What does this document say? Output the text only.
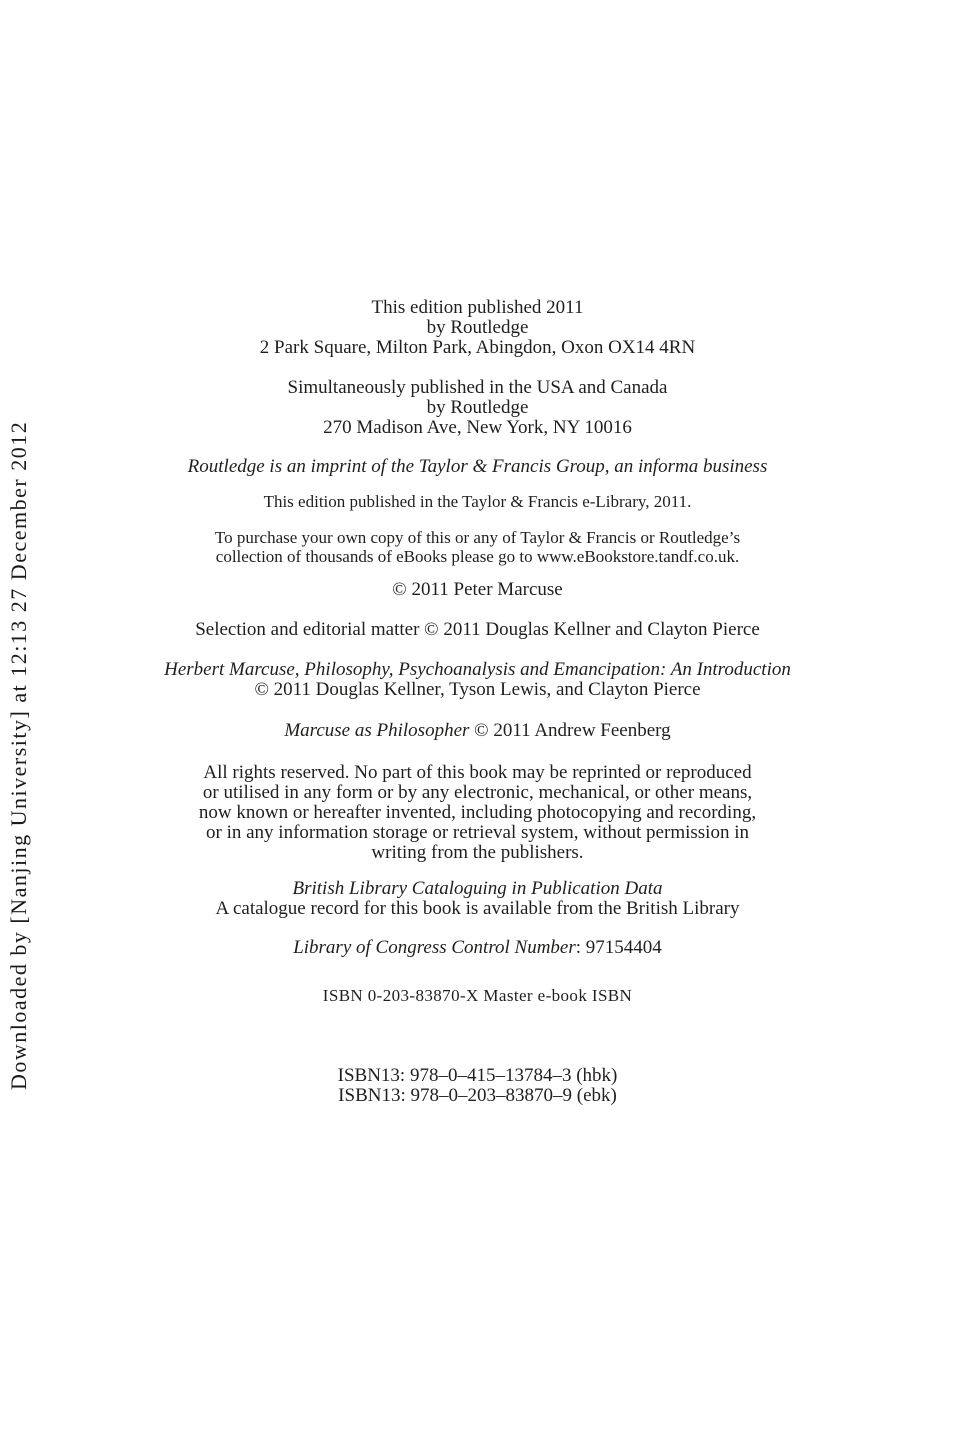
Downloaded by [Nanjing University] at 12:13 27 December 2012
This edition published 2011
by Routledge
2 Park Square, Milton Park, Abingdon, Oxon OX14 4RN
Simultaneously published in the USA and Canada
by Routledge
270 Madison Ave, New York, NY 10016
Routledge is an imprint of the Taylor & Francis Group, an informa business
This edition published in the Taylor & Francis e-Library, 2011.
To purchase your own copy of this or any of Taylor & Francis or Routledge’s
collection of thousands of eBooks please go to www.eBookstore.tandf.co.uk.
© 2011 Peter Marcuse
Selection and editorial matter © 2011 Douglas Kellner and Clayton Pierce
Herbert Marcuse, Philosophy, Psychoanalysis and Emancipation: An Introduction
© 2011 Douglas Kellner, Tyson Lewis, and Clayton Pierce
Marcuse as Philosopher © 2011 Andrew Feenberg
All rights reserved. No part of this book may be reprinted or reproduced
or utilised in any form or by any electronic, mechanical, or other means,
now known or hereafter invented, including photocopying and recording,
or in any information storage or retrieval system, without permission in
writing from the publishers.
British Library Cataloguing in Publication Data
A catalogue record for this book is available from the British Library
Library of Congress Control Number: 97154404
ISBN 0-203-83870-X Master e-book ISBN
ISBN13: 978–0–415–13784–3 (hbk)
ISBN13: 978–0–203–83870–9 (ebk)
